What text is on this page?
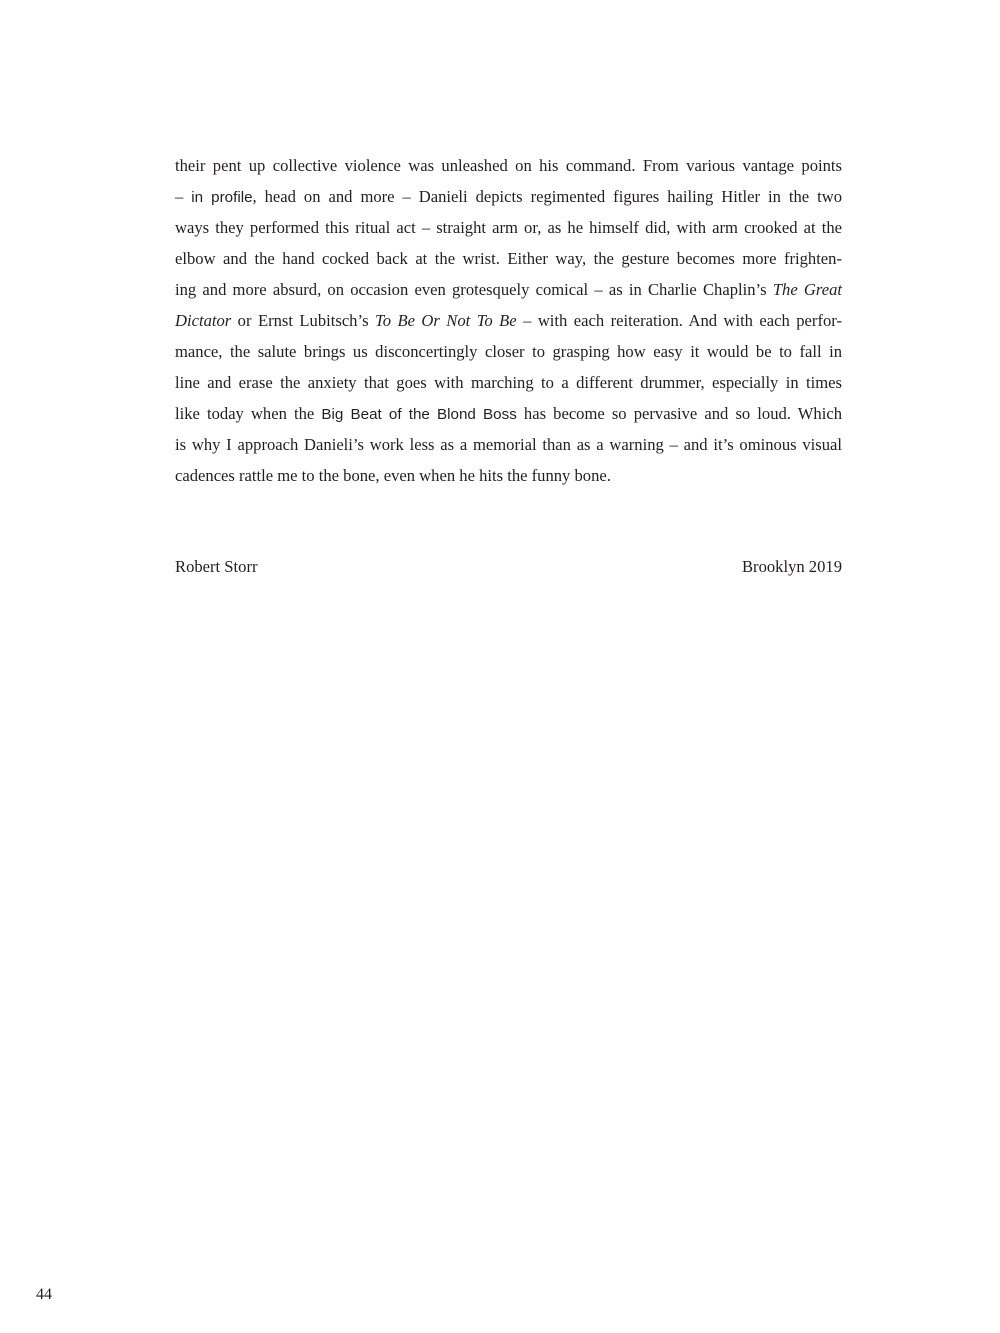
their pent up collective violence was unleashed on his command. From various vantage points
– in profile, head on and more – Danieli depicts regimented figures hailing Hitler in the two
ways they performed this ritual act – straight arm or, as he himself did, with arm crooked at the
elbow and the hand cocked back at the wrist. Either way, the gesture becomes more frighten-
ing and more absurd, on occasion even grotesquely comical – as in Charlie Chaplin’s The Great
Dictator or Ernst Lubitsch’s To Be Or Not To Be – with each reiteration. And with each perfor-
mance, the salute brings us disconcertingly closer to grasping how easy it would be to fall in
line and erase the anxiety that goes with marching to a different drummer, especially in times
like today when the Big Beat of the Blond Boss has become so pervasive and so loud. Which
is why I approach Danieli’s work less as a memorial than as a warning – and it’s ominous visual
cadences rattle me to the bone, even when he hits the funny bone.
Robert Storr	Brooklyn 2019
44
